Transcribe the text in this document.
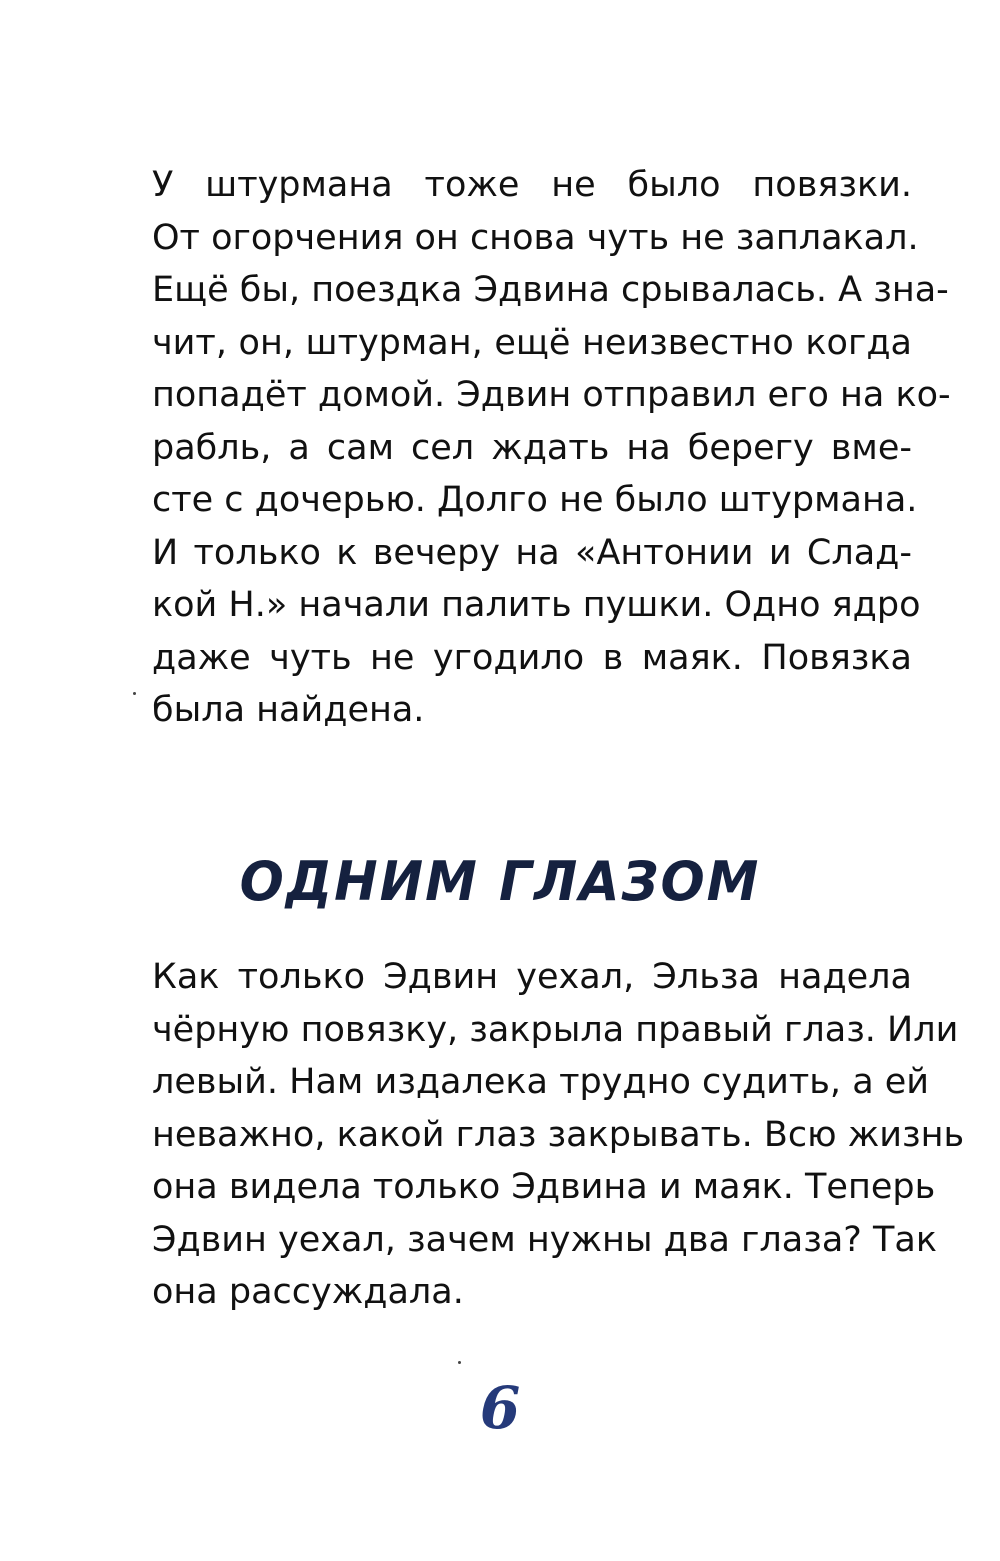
У штурмана тоже не было повязки.
От огорчения он снова чуть не заплакал.
Ещё бы, поездка Эдвина срывалась. А зна-
чит, он, штурман, ещё неизвестно когда
попадёт домой. Эдвин отправил его на ко-
рабль, а сам сел ждать на берегу вме-
сте с дочерью. Долго не было штурмана.
И только к вечеру на «Антонии и Слад-
кой Н.» начали палить пушки. Одно ядро
даже чуть не угодило в маяк. Повязка
была найдена.
ОДНИМ ГЛАЗОМ
Как только Эдвин уехал, Эльза надела
чёрную повязку, закрыла правый глаз. Или
левый. Нам издалека трудно судить, а ей
неважно, какой глаз закрывать. Всю жизнь
она видела только Эдвина и маяк. Теперь
Эдвин уехал, зачем нужны два глаза? Так
она рассуждала.
6
